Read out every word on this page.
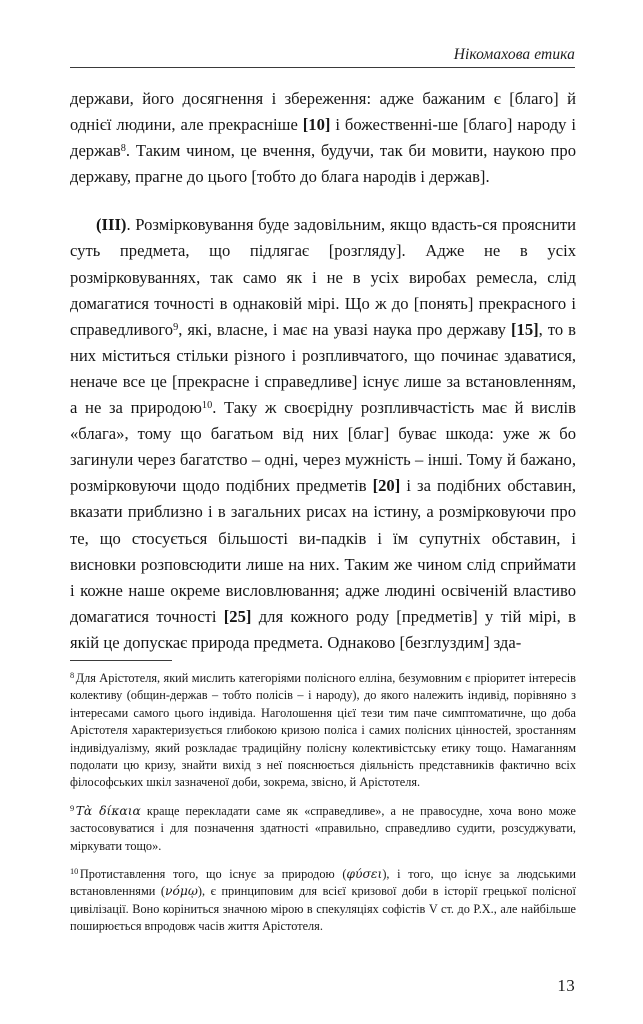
Нікомахова етика

держави, його досягнення і збереження: адже бажаним є [благо] й однієї людини, але прекрасніше [10] і божественні-ше [благо] народу і держав$^8$. Таким чином, це вчення, будучи, так би мовити, наукою про державу, прагне до цього [тобто до блага народів і держав].

(III). Розмірковування буде задовільним, якщо вдасть-ся прояснити суть предмета, що підлягає [розгляду]. Адже не в усіх розмірковуваннях, так само як і не в усіх виробах ремесла, слід домагатися точності в однаковій мірі. Що ж до [понять] прекрасного і справедливого$^9$, які, власне, і має на увазі наука про державу [15], то в них міститься стільки різного і розпливчатого, що починає здаватися, неначе все це [прекрасне і справедливе] існує лише за встановленням, а не за природою$^{10}$. Таку ж своєрідну розпливчастість має й вислів «блага», тому що багатьом від них [благ] буває шкода: уже ж бо загинули через багатство – одні, через мужність – інші. Тому й бажано, розмірковуючи щодо подібних предметів [20] і за подібних обставин, вказати приблизно і в загальних рисах на істину, а розмірковуючи про те, що стосується більшості ви-падків і їм супутніх обставин, і висновки розповсюдити лише на них. Таким же чином слід сприймати і кожне наше окреме висловлювання; адже людині освіченій властиво домагатися точності [25] для кожного роду [предметів] у тій мірі, в якій це допускає природа предмета. Однаково [безглуздим] зда-

$^8$ Для Арістотеля, який мислить категоріями полісного елліна, безумовним є пріоритет інтересів колективу (общин-держав – тобто полісів – і народу), до якого належить індивід, порівняно з інтересами самого цього індивіда. Наголошення цієї тези тим паче симптоматичне, що доба Арістотеля характеризується глибокою кризою поліса і самих полісних цінностей, зростанням індивідуалізму, який розкладає традиційну полісну колективістську етику тощо. Намаганням подолати цю кризу, знайти вихід з неї пояснюється діяльність представників фактично всіх філософських шкіл зазначеної доби, зокрема, звісно, й Арістотеля.

$^9$ Τὰ δίκαια краще перекладати саме як «справедливе», а не правосудне, хоча воно може застосовуватися і для позначення здатності «правильно, справедливо судити, розсуджувати, міркувати тощо».

$^{10}$ Протиставлення того, що існує за природою (φύσει), і того, що існує за людськими встановленнями (νόμῳ), є принциповим для всієї кризової доби в історії грецької полісної цивілізації. Воно коріниться значною мірою в спекуляціях софістів V ст. до Р.Х., але найбільше поширюється впродовж часів життя Арістотеля.

13
